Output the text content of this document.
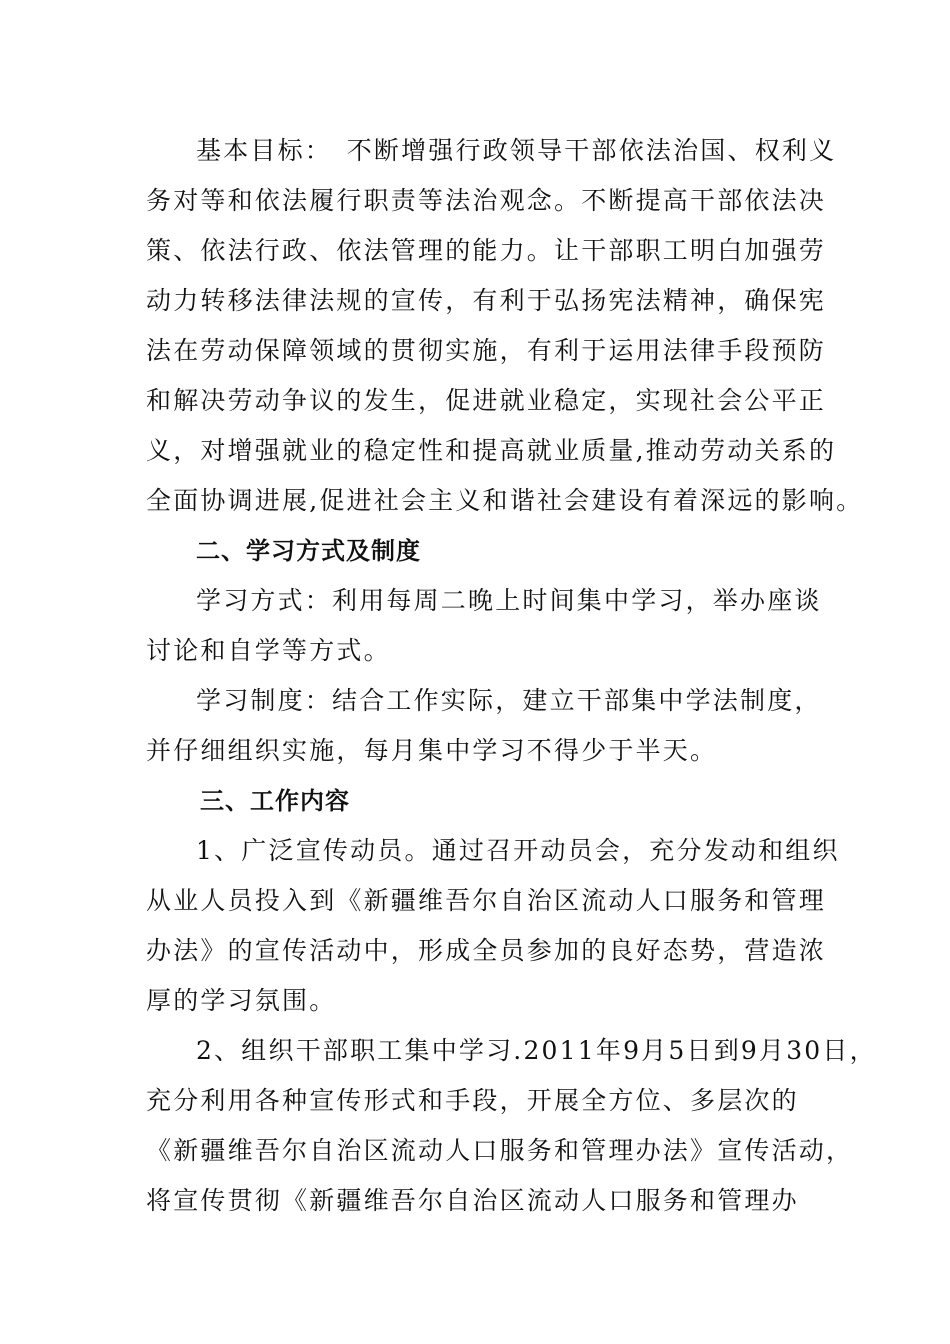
基本目标：　不断增强行政领导干部依法治国、权利义
务对等和依法履行职责等法治观念。不断提高干部依法决
策、依法行政、依法管理的能力。让干部职工明白加强劳
动力转移法律法规的宣传，有利于弘扬宪法精神，确保宪
法在劳动保障领域的贯彻实施，有利于运用法律手段预防
和解决劳动争议的发生，促进就业稳定，实现社会公平正
义，对增强就业的稳定性和提高就业质量,推动劳动关系的
全面协调进展,促进社会主义和谐社会建设有着深远的影响。
二、学习方式及制度
学习方式：利用每周二晚上时间集中学习，举办座谈
讨论和自学等方式。
学习制度：结合工作实际，建立干部集中学法制度，
并仔细组织实施，每月集中学习不得少于半天。
三、工作内容
1、广泛宣传动员。通过召开动员会，充分发动和组织
从业人员投入到《新疆维吾尔自治区流动人口服务和管理
办法》的宣传活动中，形成全员参加的良好态势，营造浓
厚的学习氛围。
2、组织干部职工集中学习.2011年9月5日到9月30日，
充分利用各种宣传形式和手段，开展全方位、多层次的
《新疆维吾尔自治区流动人口服务和管理办法》宣传活动，
将宣传贯彻《新疆维吾尔自治区流动人口服务和管理办
